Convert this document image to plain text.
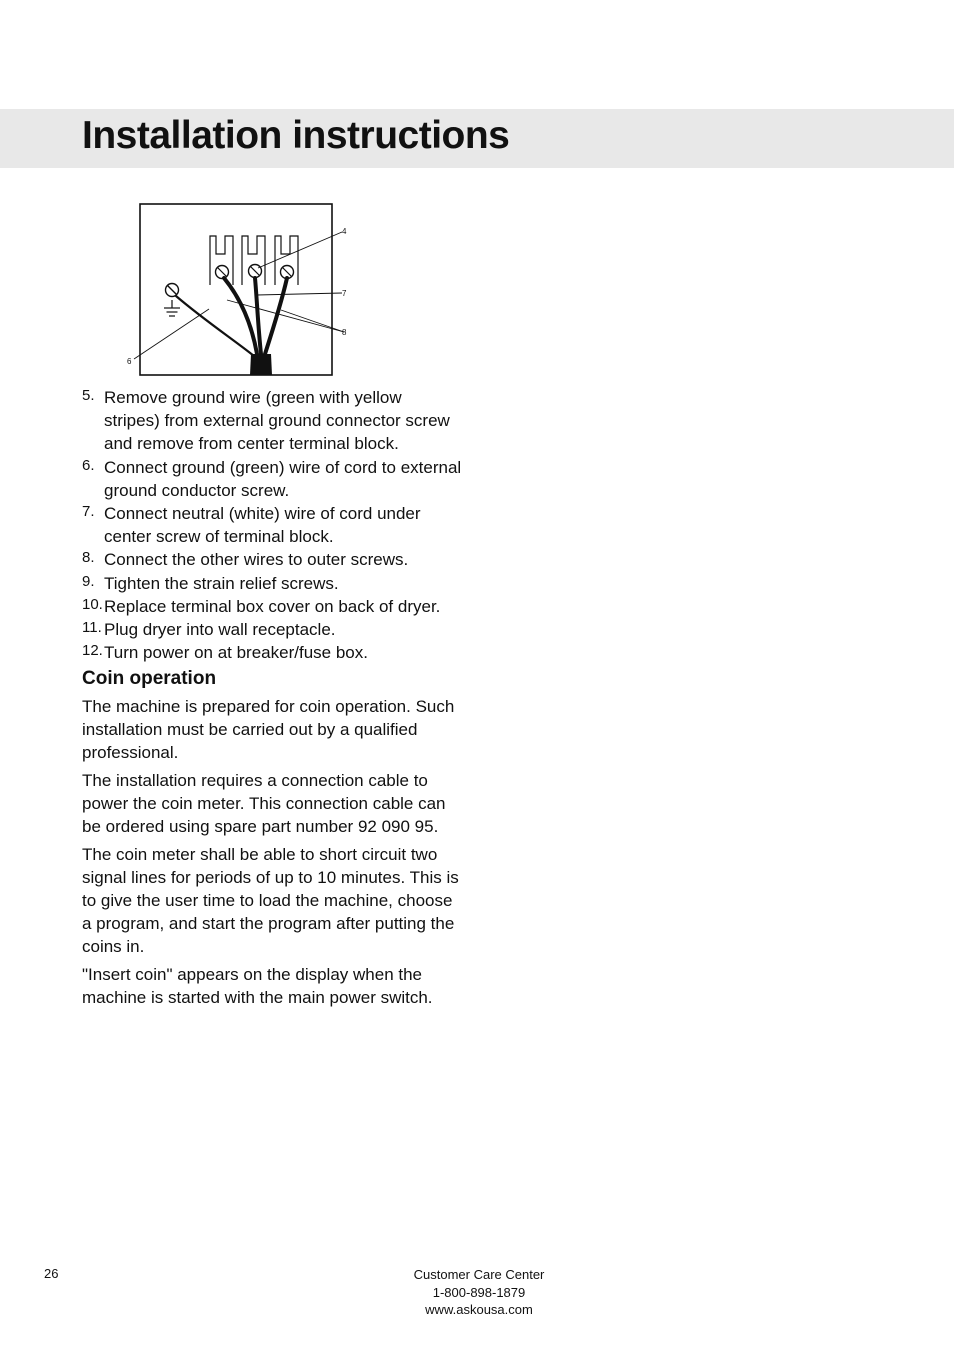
Installation instructions
4
7
8
6
5. Remove ground wire (green with yellow stripes) from external ground connector screw and remove from center terminal block.
6. Connect ground (green) wire of cord to external ground conductor screw.
7. Connect neutral (white) wire of cord under center screw of terminal block.
8. Connect the other wires to outer screws.
9. Tighten the strain relief screws.
10. Replace terminal box cover on back of dryer.
11. Plug dryer into wall receptacle.
12. Turn power on at breaker/fuse box.
Coin operation

The machine is prepared for coin operation. Such installation must be carried out by a qualified professional.

The installation requires a connection cable to power the coin meter. This connection cable can be ordered using spare part number 92 090 95.

The coin meter shall be able to short circuit two signal lines for periods of up to 10 minutes. This is to give the user time to load the machine, choose a program, and start the program after putting the coins in.

"Insert coin" appears on the display when the machine is started with the main power switch.

26	Customer Care Center
1-800-898-1879
www.askousa.com
